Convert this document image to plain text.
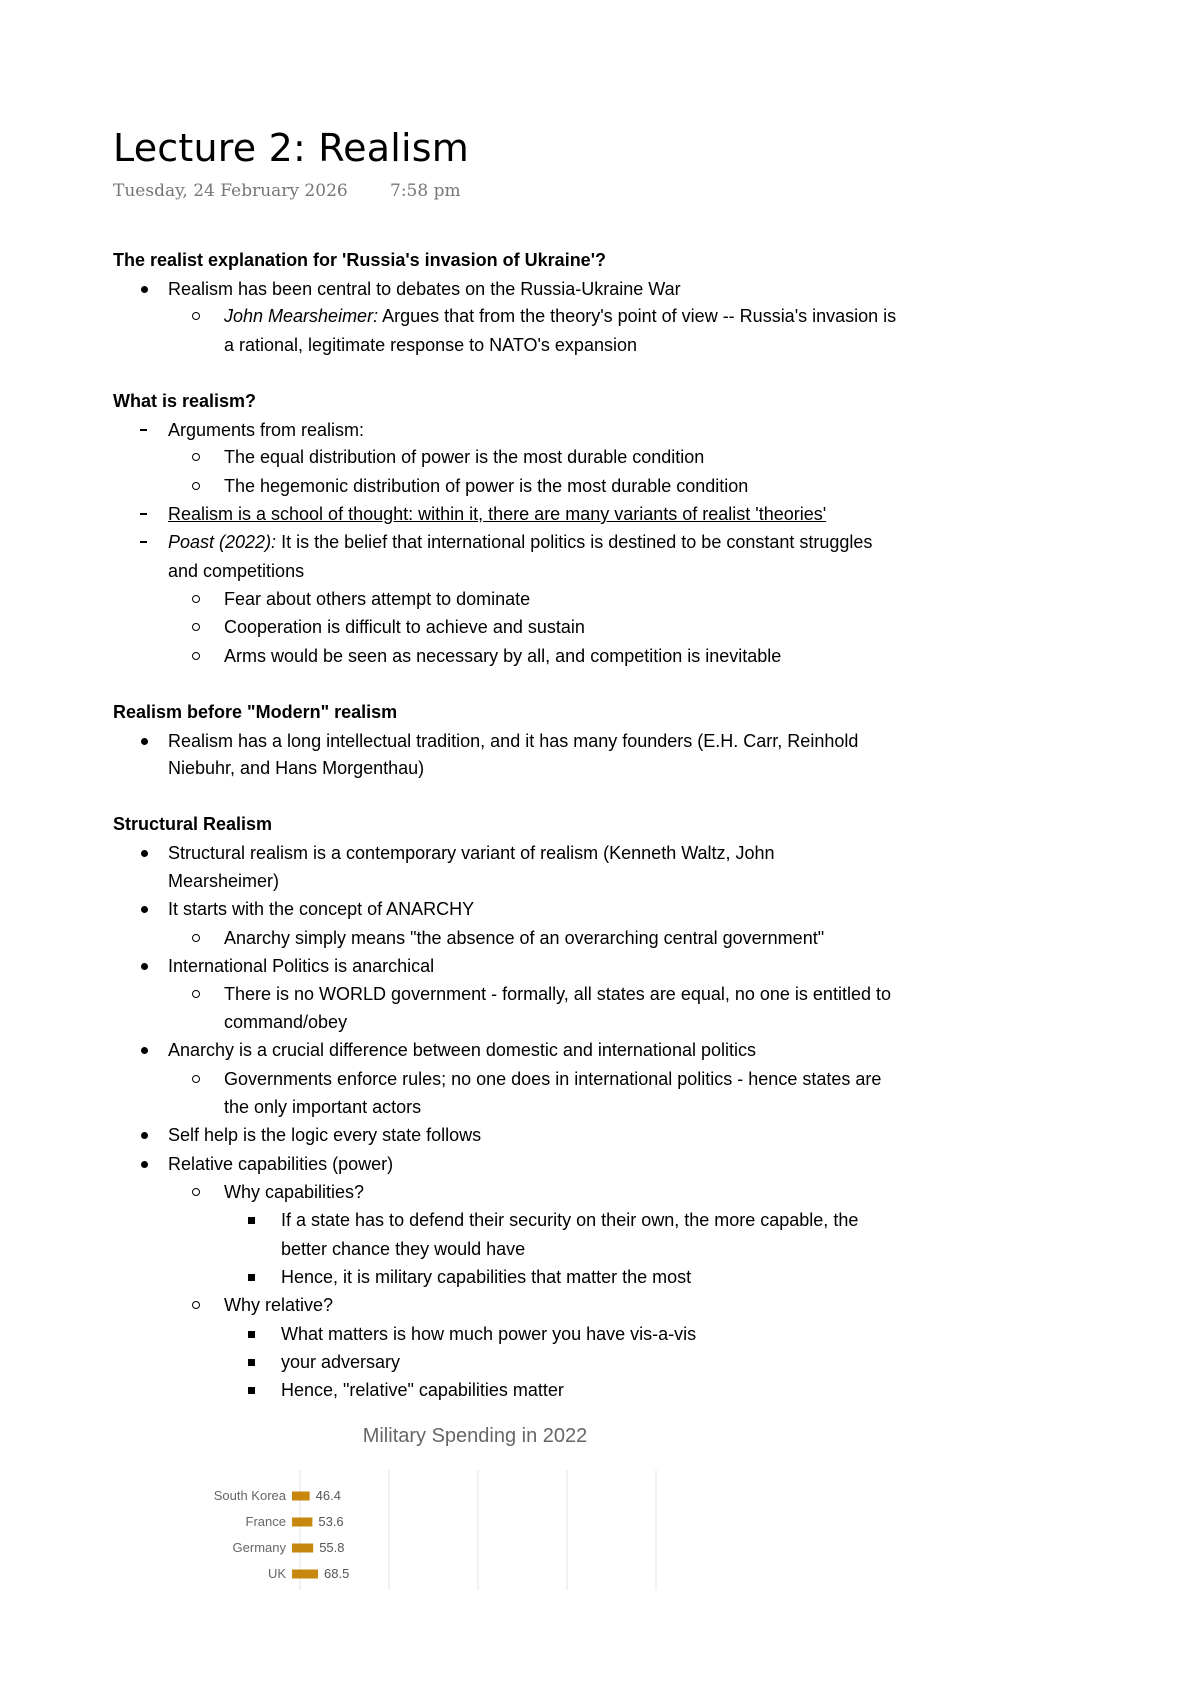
Lecture 2: Realism
Tuesday, 24 February 2026 7:58 pm
The realist explanation for 'Russia's invasion of Ukraine'?
Realism has been central to debates on the Russia-Ukraine War
John Mearsheimer: Argues that from the theory's point of view -- Russia's invasion is
a rational, legitimate response to NATO's expansion
What is realism?
Arguments from realism:
The equal distribution of power is the most durable condition
The hegemonic distribution of power is the most durable condition
Realism is a school of thought: within it, there are many variants of realist 'theories'
Poast (2022): It is the belief that international politics is destined to be constant struggles
and competitions
Fear about others attempt to dominate
Cooperation is difficult to achieve and sustain
Arms would be seen as necessary by all, and competition is inevitable
Realism before "Modern" realism
Realism has a long intellectual tradition, and it has many founders (E.H. Carr, Reinhold
Niebuhr, and Hans Morgenthau)
Structural Realism
Structural realism is a contemporary variant of realism (Kenneth Waltz, John
Mearsheimer)
It starts with the concept of ANARCHY
Anarchy simply means "the absence of an overarching central government"
International Politics is anarchical
There is no WORLD government - formally, all states are equal, no one is entitled to
command/obey
Anarchy is a crucial difference between domestic and international politics
Governments enforce rules; no one does in international politics - hence states are
the only important actors
Self help is the logic every state follows
Relative capabilities (power)
Why capabilities?
If a state has to defend their security on their own, the more capable, the
better chance they would have
Hence, it is military capabilities that matter the most
Why relative?
What matters is how much power you have vis-a-vis
your adversary
Hence, "relative" capabilities matter
Military Spending in 2022
South Korea 46.4
France 53.6
Germany	55.8
UK	68.5
